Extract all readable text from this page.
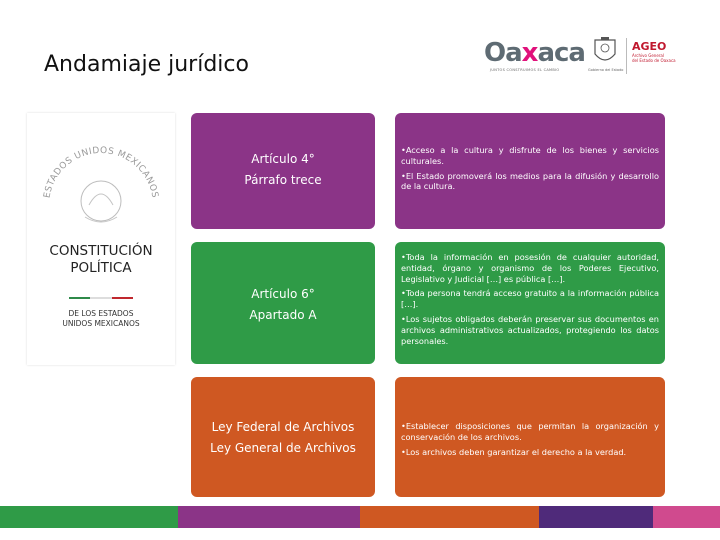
Andamiaje jurídico	Oaxaca
JUNTOS CONSTRUIMOS EL CAMBIO	Gobierno del Estado
AGEO
Archivo General
del Estado de Oaxaca
ESTADOS UNIDOS MEXICANOS
CONSTITUCIÓN
POLÍTICA
DE LOS ESTADOS
UNIDOS MEXICANOS
Artículo 4°
Párrafo trece

•Acceso a la cultura y disfrute de los bienes y servicios culturales.

•El Estado promoverá los medios para la difusión y desarrollo de la cultura.

Artículo 6°
Apartado A

•Toda la información en posesión de cualquier autoridad, entidad, órgano y organismo de los Poderes Ejecutivo, Legislativo y Judicial […] es pública […].

•Toda persona tendrá acceso gratuito a la información pública […].

•Los sujetos obligados deberán preservar sus documentos en archivos administrativos actualizados, protegiendo los datos personales.

Ley Federal de Archivos
Ley General de Archivos

•Establecer disposiciones que permitan la organización y conservación de los archivos.

•Los archivos deben garantizar el derecho a la verdad.
